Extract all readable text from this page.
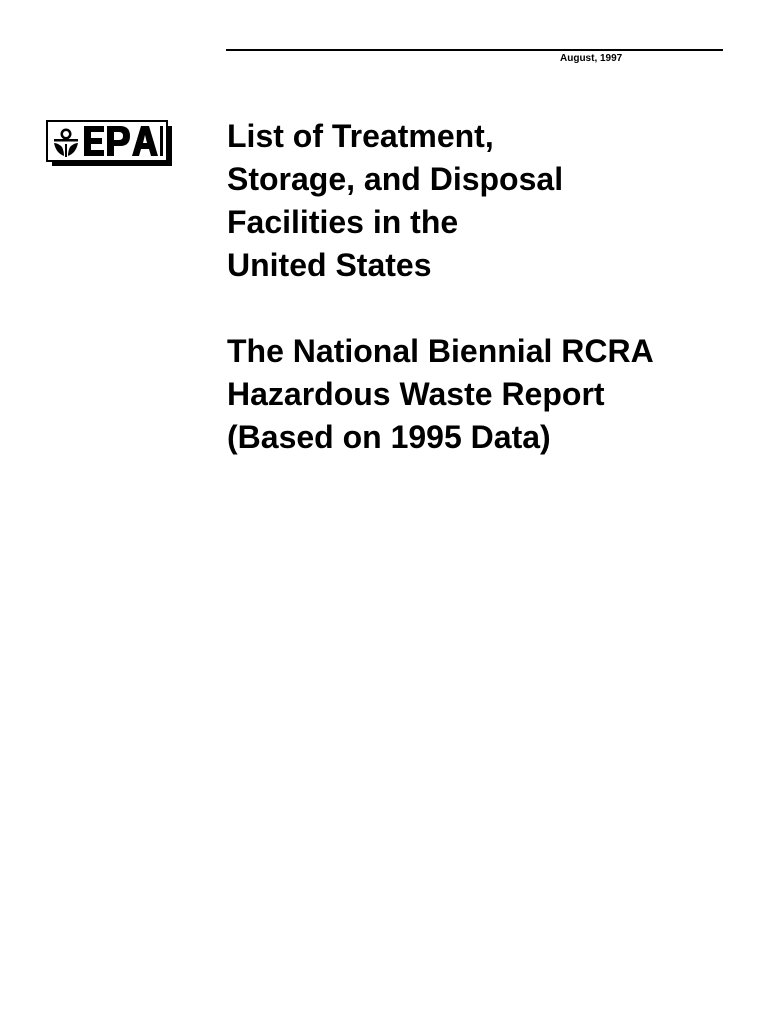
August, 1997
List of Treatment,
Storage, and Disposal
Facilities in the
United States
The National Biennial RCRA
Hazardous Waste Report
(Based on 1995 Data)
